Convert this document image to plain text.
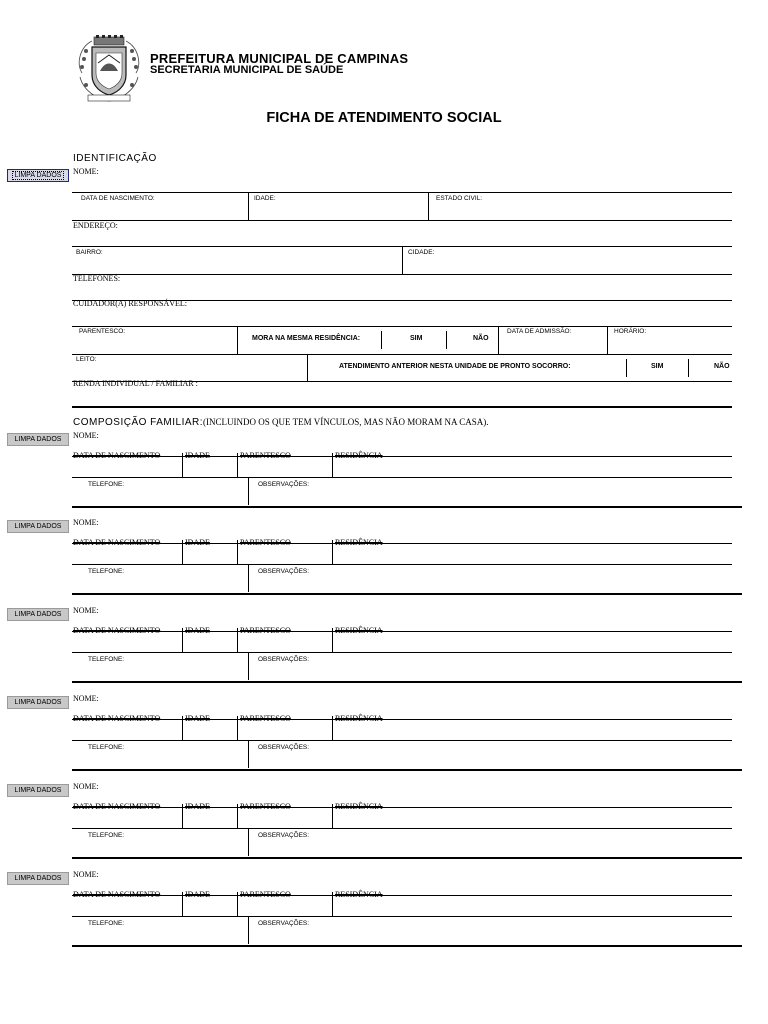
PREFEITURA MUNICIPAL DE CAMPINAS
SECRETARIA MUNICIPAL DE SAÚDE
FICHA DE ATENDIMENTO SOCIAL
IDENTIFICAÇÃO
LIMPA DADOS	NOME:
DATA DE NASCIMENTO:	IDADE:	ESTADO CIVIL:
ENDEREÇO:
BAIRRO:	CIDADE:
TELEFONES:
CUIDADOR(A) RESPONSÁVEL:
PARENTESCO:
MORA NA MESMA RESIDÊNCIA:	SIM	NÃO
DATA DE ADMISSÃO:	HORÁRIO:
LEITO:
ATENDIMENTO ANTERIOR NESTA UNIDADE DE PRONTO SOCORRO:	SIM	NÃO
RENDA INDIVIDUAL / FAMILIAR :
COMPOSIÇÃO FAMILIAR:(INCLUINDO OS QUE TEM VÍNCULOS, MAS NÃO MORAM NA CASA).
LIMPA DADOS	NOME:
DATA DE NASCIMENTO	IDADE	PARENTESCO	RESIDÊNCIA
TELEFONE:	OBSERVAÇÕES:
LIMPA DADOS	NOME:
DATA DE NASCIMENTO	IDADE	PARENTESCO	RESIDÊNCIA
TELEFONE:	OBSERVAÇÕES:
LIMPA DADOS	NOME:
DATA DE NASCIMENTO	IDADE	PARENTESCO	RESIDÊNCIA
TELEFONE:	OBSERVAÇÕES:
LIMPA DADOS	NOME:
DATA DE NASCIMENTO	IDADE	PARENTESCO	RESIDÊNCIA
TELEFONE:	OBSERVAÇÕES:
LIMPA DADOS	NOME:
DATA DE NASCIMENTO	IDADE	PARENTESCO	RESIDÊNCIA
TELEFONE:	OBSERVAÇÕES:
LIMPA DADOS	NOME:
DATA DE NASCIMENTO	IDADE	PARENTESCO	RESIDÊNCIA
TELEFONE:	OBSERVAÇÕES:
